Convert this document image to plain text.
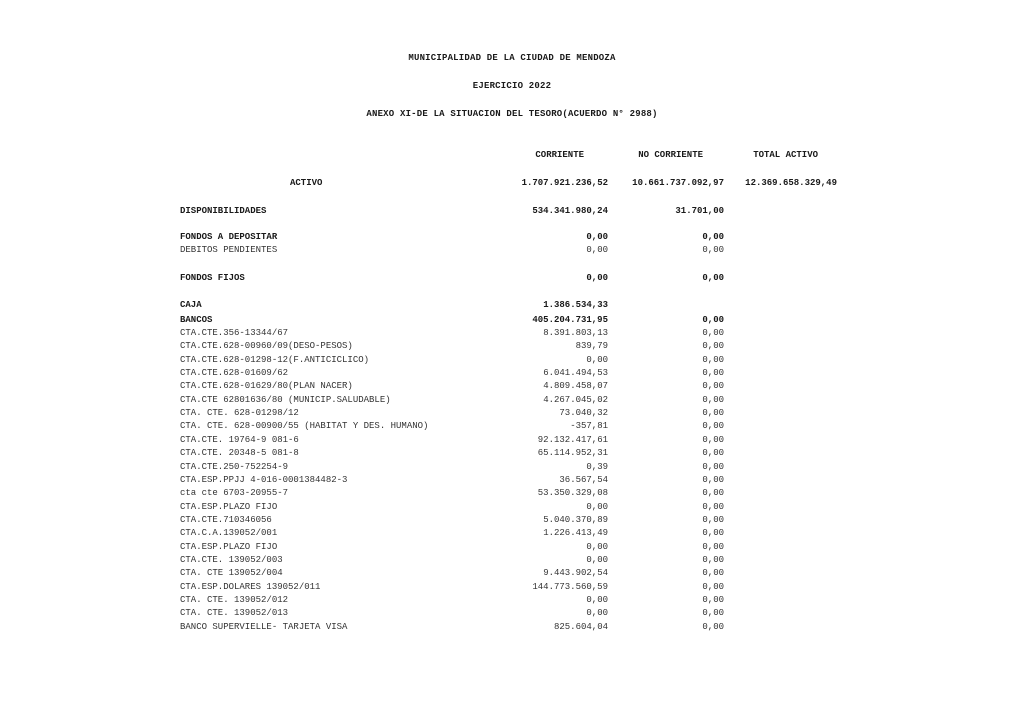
MUNICIPALIDAD DE LA CIUDAD DE MENDOZA
EJERCICIO 2022
ANEXO XI-DE LA SITUACION DEL TESORO(ACUERDO N° 2988)
CORRIENTE	NO CORRIENTE	TOTAL ACTIVO
ACTIVO	1.707.921.236,52	10.661.737.092,97 12.369.658.329,49
DISPONIBILIDADES	534.341.980,24	31.701,00
FONDOS A DEPOSITAR	0,00	0,00
DEBITOS PENDIENTES	0,00	0,00
FONDOS FIJOS	0,00	0,00
CAJA	1.386.534,33
BANCOS	405.204.731,95	0,00
CTA.CTE.356-13344/67	8.391.803,13	0,00
CTA.CTE.628-00960/09(DESO-PESOS)	839,79	0,00
CTA.CTE.628-01298-12(F.ANTICICLICO)	0,00	0,00
CTA.CTE.628-01609/62	6.041.494,53	0,00
CTA.CTE.628-01629/80(PLAN NACER)	4.809.458,07	0,00
CTA.CTE 62801636/80 (MUNICIP.SALUDABLE)	4.267.045,02	0,00
CTA. CTE. 628-01298/12	73.040,32	0,00
CTA. CTE. 628-00900/55 (HABITAT Y DES. HUMANO)	-357,81	0,00
CTA.CTE. 19764-9 081-6	92.132.417,61	0,00
CTA.CTE. 20348-5 081-8	65.114.952,31	0,00
CTA.CTE.250-752254-9	0,39	0,00
CTA.ESP.PPJJ 4-016-0001384482-3	36.567,54	0,00
cta cte 6703-20955-7	53.350.329,08	0,00
CTA.ESP.PLAZO FIJO	0,00	0,00
CTA.CTE.710346056	5.040.370,89	0,00
CTA.C.A.139052/001	1.226.413,49	0,00
CTA.ESP.PLAZO FIJO	0,00	0,00
CTA.CTE. 139052/003	0,00	0,00
CTA. CTE 139052/004	9.443.902,54	0,00
CTA.ESP.DOLARES 139052/011	144.773.560,59	0,00
CTA. CTE. 139052/012	0,00	0,00
CTA. CTE. 139052/013	0,00	0,00
BANCO SUPERVIELLE- TARJETA VISA	825.604,04	0,00
